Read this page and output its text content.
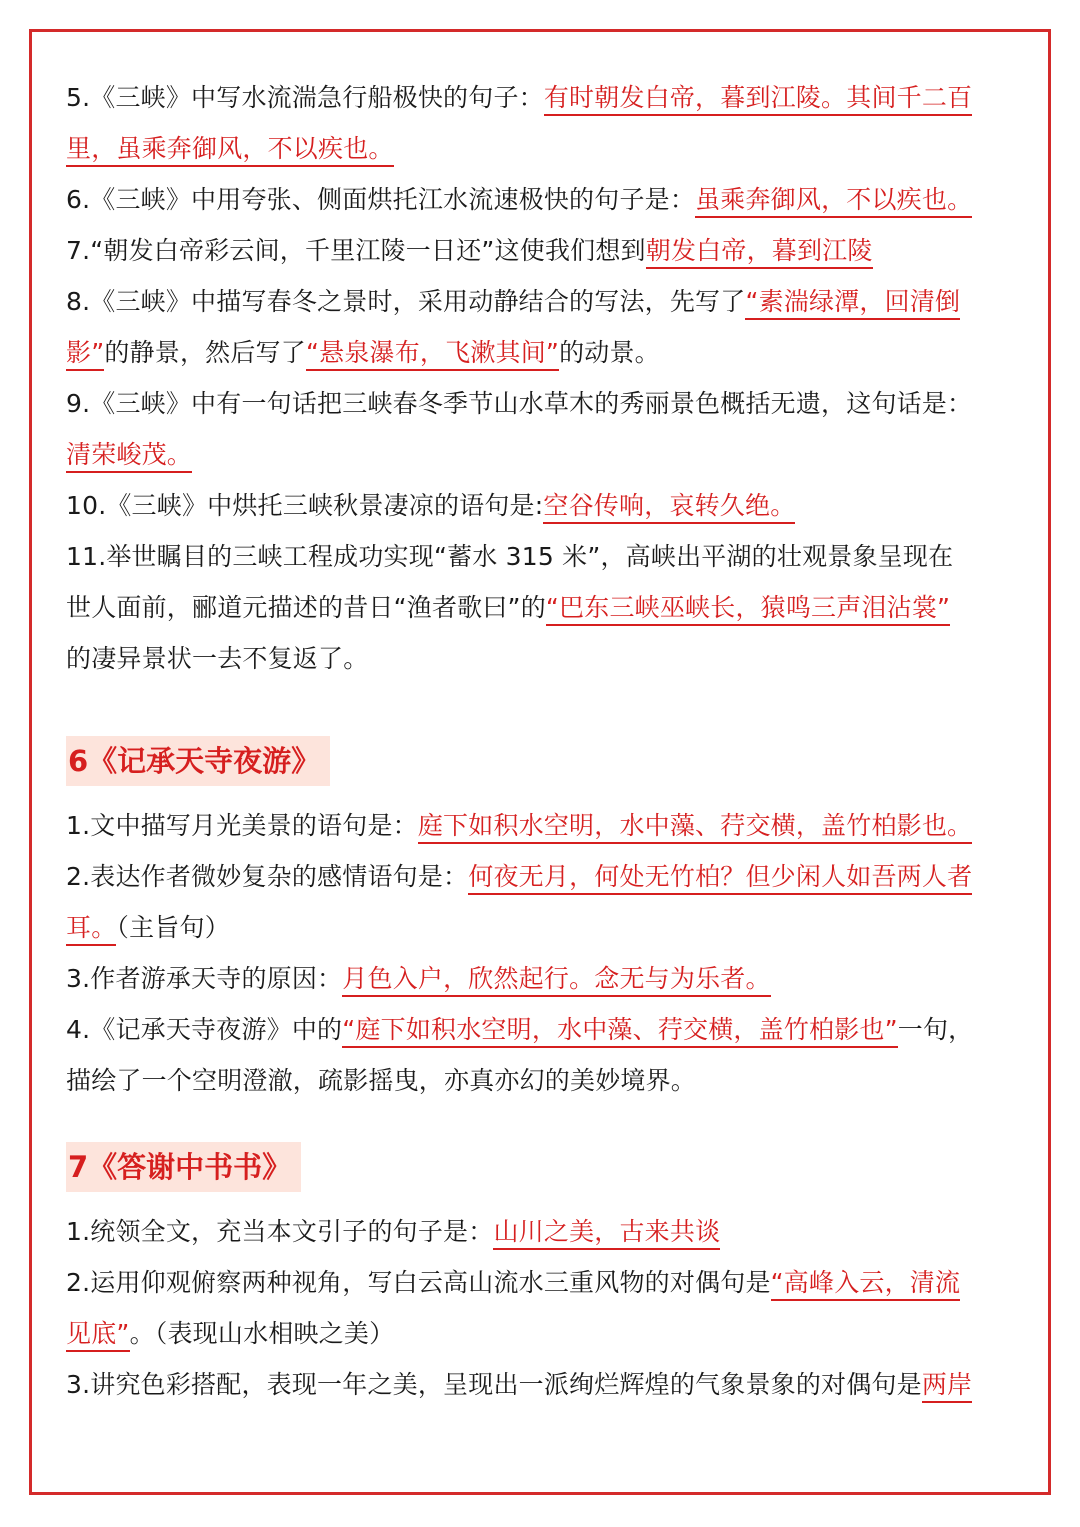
5.《三峡》中写水流湍急行船极快的句子：有时朝发白帝，暮到江陵。其间千二百
里，虽乘奔御风，不以疾也。
6.《三峡》中用夸张、侧面烘托江水流速极快的句子是：虽乘奔御风，不以疾也。
7.“朝发白帝彩云间，千里江陵一日还”这使我们想到朝发白帝，暮到江陵
8.《三峡》中描写春冬之景时，采用动静结合的写法，先写了“素湍绿潭，回清倒
影”的静景，然后写了“悬泉瀑布，飞漱其间”的动景。
9.《三峡》中有一句话把三峡春冬季节山水草木的秀丽景色概括无遗，这句话是：
清荣峻茂。
10.《三峡》中烘托三峡秋景凄凉的语句是:空谷传响，哀转久绝。
11.举世瞩目的三峡工程成功实现“蓄水 315 米”，高峡出平湖的壮观景象呈现在
世人面前，郦道元描述的昔日“渔者歌曰”的“巴东三峡巫峡长，猿鸣三声泪沾裳”
的凄异景状一去不复返了。
6《记承天寺夜游》
1.文中描写月光美景的语句是：庭下如积水空明，水中藻、荇交横，盖竹柏影也。
2.表达作者微妙复杂的感情语句是：何夜无月，何处无竹柏？但少闲人如吾两人者
耳。（主旨句）
3.作者游承天寺的原因：月色入户，欣然起行。念无与为乐者。
4.《记承天寺夜游》中的“庭下如积水空明，水中藻、荇交横，盖竹柏影也”一句，
描绘了一个空明澄澈，疏影摇曳，亦真亦幻的美妙境界。
7《答谢中书书》
1.统领全文，充当本文引子的句子是：山川之美，古来共谈
2.运用仰观俯察两种视角，写白云高山流水三重风物的对偶句是“高峰入云，清流
见底”。（表现山水相映之美）
3.讲究色彩搭配，表现一年之美，呈现出一派绚烂辉煌的气象景象的对偶句是两岸
